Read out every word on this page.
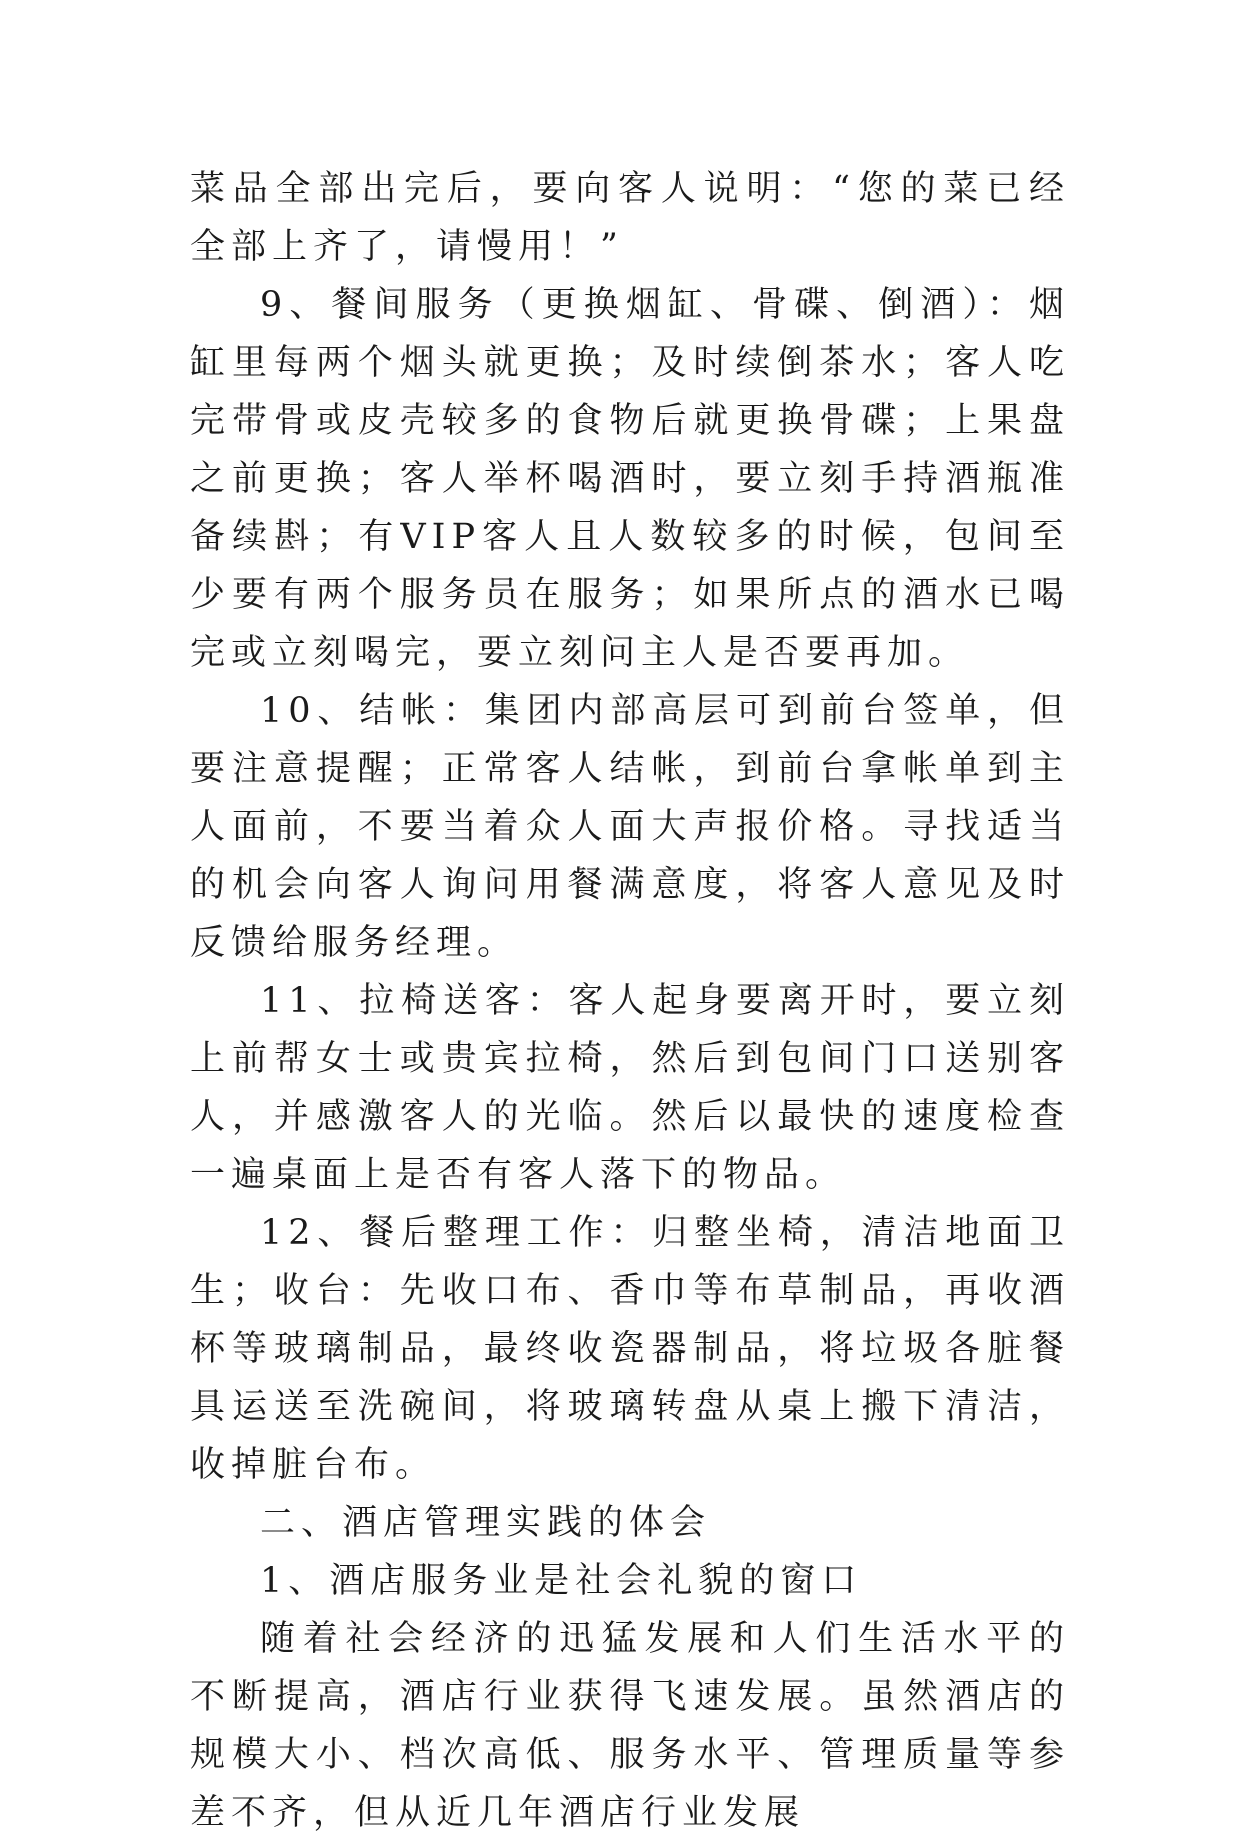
菜品全部出完后，要向客人说明：“您的菜已经全部上齐了，请慢用！”

9、餐间服务（更换烟缸、骨碟、倒酒）：烟缸里每两个烟头就更换；及时续倒茶水；客人吃完带骨或皮壳较多的食物后就更换骨碟；上果盘之前更换；客人举杯喝酒时，要立刻手持酒瓶准备续斟；有VIP客人且人数较多的时候，包间至少要有两个服务员在服务；如果所点的酒水已喝完或立刻喝完，要立刻问主人是否要再加。

10、结帐：集团内部高层可到前台签单，但要注意提醒；正常客人结帐，到前台拿帐单到主人面前，不要当着众人面大声报价格。寻找适当的机会向客人询问用餐满意度，将客人意见及时反馈给服务经理。

11、拉椅送客：客人起身要离开时，要立刻上前帮女士或贵宾拉椅，然后到包间门口送别客人，并感激客人的光临。然后以最快的速度检查一遍桌面上是否有客人落下的物品。

12、餐后整理工作：归整坐椅，清洁地面卫生；收台：先收口布、香巾等布草制品，再收酒杯等玻璃制品，最终收瓷器制品，将垃圾各脏餐具运送至洗碗间，将玻璃转盘从桌上搬下清洁，收掉脏台布。

二、酒店管理实践的体会

1、酒店服务业是社会礼貌的窗口

随着社会经济的迅猛发展和人们生活水平的不断提高，酒店行业获得飞速发展。虽然酒店的规模大小、档次高低、服务水平、管理质量等参差不齐，但从近几年酒店行业发展
